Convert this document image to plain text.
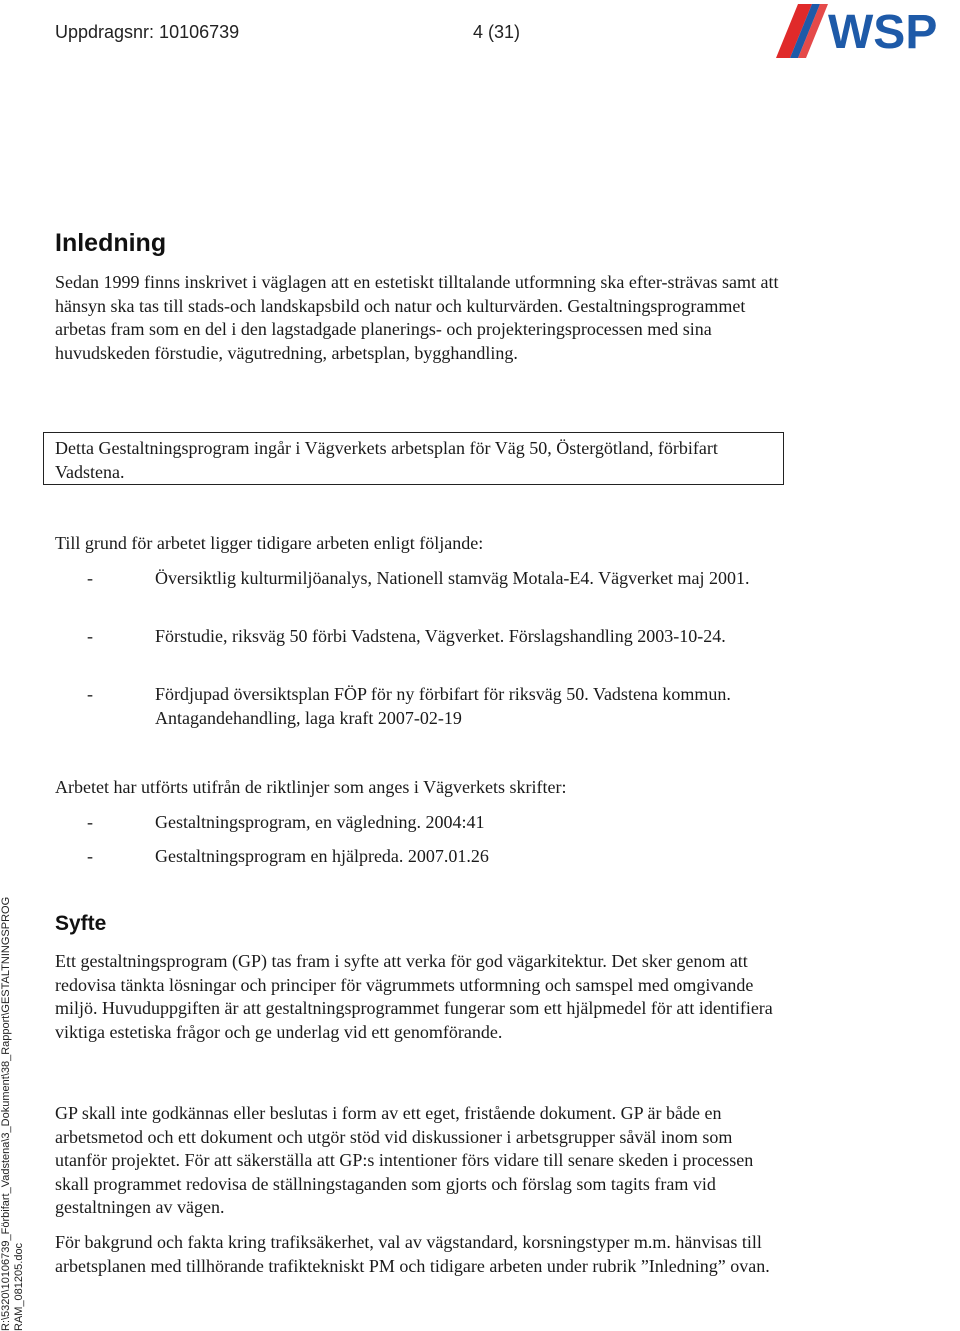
Uppdragsnr: 10106739	4 (31)	WSP
Inledning

Sedan 1999 finns inskrivet i väglagen att en estetiskt tilltalande utformning ska efter-strävas samt att hänsyn ska tas till stads-och landskapsbild och natur och kulturvärden. Gestaltningsprogrammet arbetas fram som en del i den lagstadgade planerings- och projekteringsprocessen med sina huvudskeden förstudie, vägutredning, arbetsplan, bygghandling.

Detta Gestaltningsprogram ingår i Vägverkets arbetsplan för Väg 50, Östergötland, förbifart Vadstena.

Till grund för arbetet ligger tidigare arbeten enligt följande:

-	Översiktlig kulturmiljöanalys, Nationell stamväg Motala-E4. Vägverket maj 2001.
-	Förstudie, riksväg 50 förbi Vadstena, Vägverket. Förslagshandling 2003-10-24.
-	Fördjupad översiktsplan FÖP för ny förbifart för riksväg 50. Vadstena kommun. Antagandehandling, laga kraft 2007-02-19

Arbetet har utförts utifrån de riktlinjer som anges i Vägverkets skrifter:

-	Gestaltningsprogram, en vägledning. 2004:41
-	Gestaltningsprogram en hjälpreda. 2007.01.26
Syfte

Ett gestaltningsprogram (GP) tas fram i syfte att verka för god vägarkitektur. Det sker genom att redovisa tänkta lösningar och principer för vägrummets utformning och samspel med omgivande miljö. Huvuduppgiften är att gestaltningsprogrammet fungerar som ett hjälpmedel för att identifiera viktiga estetiska frågor och ge underlag vid ett genomförande.

GP skall inte godkännas eller beslutas i form av ett eget, fristående dokument. GP är både en arbetsmetod och ett dokument och utgör stöd vid diskussioner i arbetsgrupper såväl inom som utanför projektet. För att säkerställa att GP:s intentioner förs vidare till senare skeden i processen skall programmet redovisa de ställningstaganden som gjorts och förslag som tagits fram vid gestaltningen av vägen.

För bakgrund och fakta kring trafiksäkerhet, val av vägstandard, korsningstyper m.m. hänvisas till arbetsplanen med tillhörande trafiktekniskt PM och tidigare arbeten under rubrik ”Inledning” ovan.

R:\5320\10106739_Förbifart_Vadstena\3_Dokument\38_Rapport\GESTALTNINGSPROGRAM_081205.doc
